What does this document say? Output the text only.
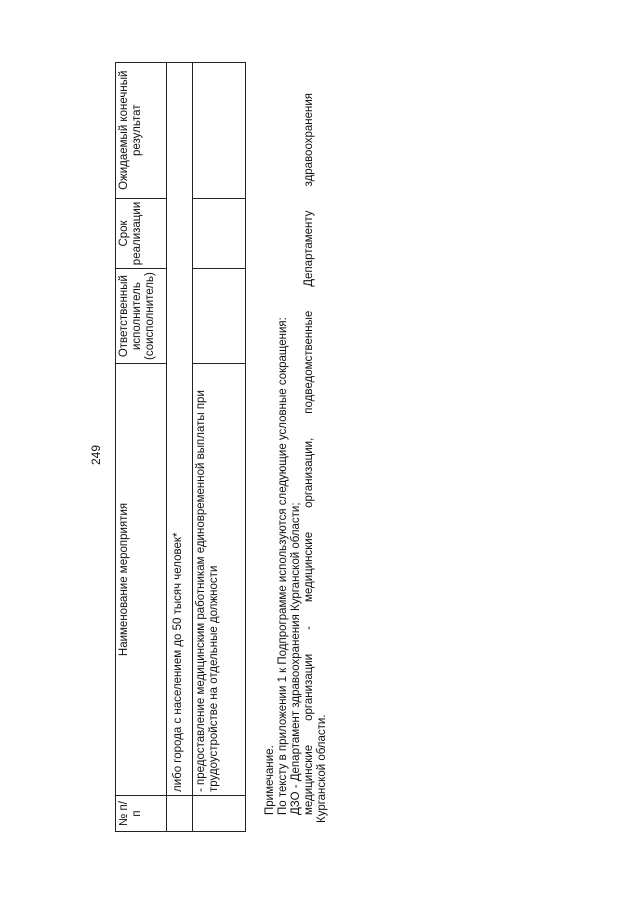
249
№ п/п	Наименование мероприятия	Ответственный исполнитель (соисполнитель)	Срок реализации	Ожидаемый конечный результат
	либо города с населением до 50 тысяч человек*			
	- предоставление медицинским работникам единовременной выплаты при трудоустройстве на отдельные должности				Примечание. По тексту в приложении 1 к Подпрограмме используются следующие условные сокращения: ДЗО - Департамент здравоохранения Курганской области; медицинские организации - медицинские организации, подведомственные Департаменту здравоохранения Курганской области.
